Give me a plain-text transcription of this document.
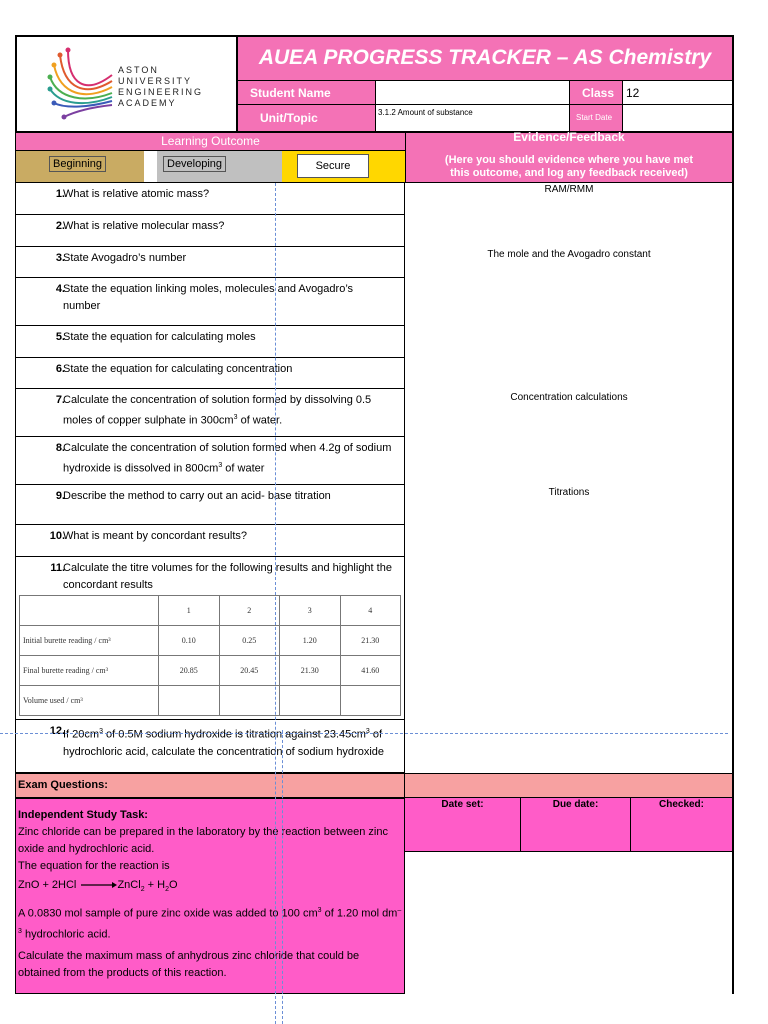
ASTON
UNIVERSITY
ENGINEERING
ACADEMY
AUEA PROGRESS TRACKER – AS Chemistry
Student Name	Class 12
Unit/Topic	3.1.2 Amount of substance
Start Date
Learning Outcome
Beginning	Developing	Secure
Evidence/Feedback
(Here you should evidence where you have met this outcome, and log any feedback received)
1.
What is relative atomic mass?
2.
What is relative molecular mass?
3.
State Avogadro’s number
4.
State the equation linking moles, molecules and Avogadro’s number
5.
State the equation for calculating moles
6.
State the equation for calculating concentration
7.
Calculate the concentration of solution formed by dissolving 0.5 moles of copper sulphate in $300cm^3$ of water.
8.
Calculate the concentration of solution formed when 4.2g of sodium hydroxide is dissolved in $800cm^3$ of water
9.
Describe the method to carry out an acid- base titration
10.
What is meant by concordant results?
11.
Calculate the titre volumes for the following results and highlight the concordant results
	1	2	3	4
Initial burette reading / cm³	0.10	0.25	1.20	21.30
Final burette reading / cm³	20.85	20.45	21.30	41.60
Volume used / cm³				
12.
If $20cm^3$ of 0.5M sodium hydroxide is titration against $23.45cm^3$ of hydrochloric acid, calculate the concentration of sodium hydroxide
RAM/RMM
The mole and the Avogadro constant
Concentration calculations
Titrations
Exam Questions:
Date set:	Due date:	Checked:
Independent Study Task:
Zinc chloride can be prepared in the laboratory by the reaction between zinc oxide and hydrochloric acid.
The equation for the reaction is
ZnO + 2HCl →ZnCl$_2$ + $H_2O$
A 0.0830 mol sample of pure zinc oxide was added to 100 $cm^3$ of 1.20 mol $dm^{-3}$ hydrochloric acid.
Calculate the maximum mass of anhydrous zinc chloride that could be obtained from the products of this reaction.
